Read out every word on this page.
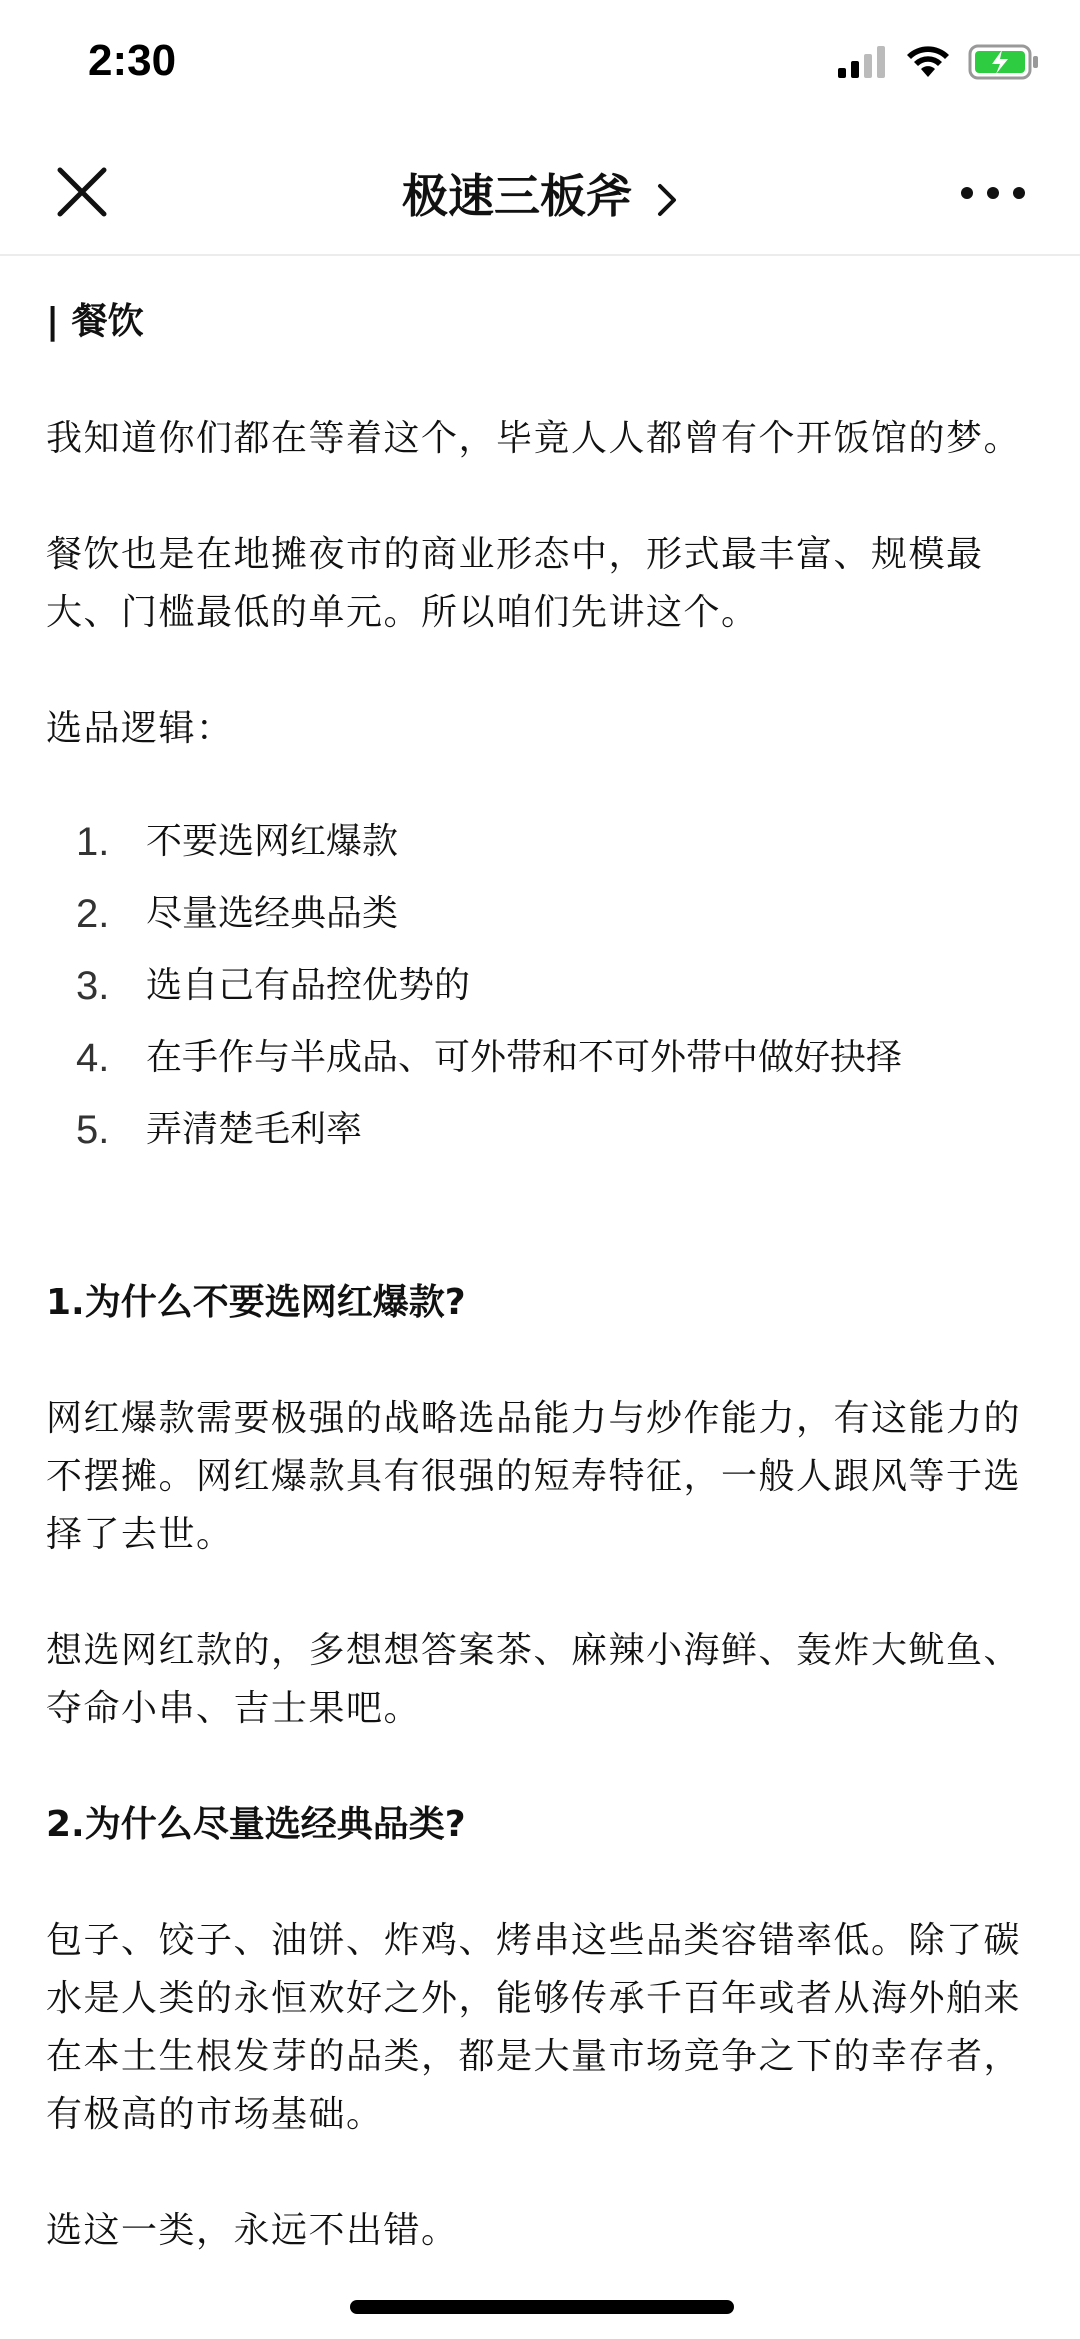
2:30
极速三板斧
| 餐饮

我知道你们都在等着这个，毕竟人人都曾有个开饭馆的梦。

餐饮也是在地摊夜市的商业形态中，形式最丰富、规模最大、门槛最低的单元。所以咱们先讲这个。

选品逻辑：

1.	不要选网红爆款
2.	尽量选经典品类
3.	选自己有品控优势的
4.	在手作与半成品、可外带和不可外带中做好抉择
5.	弄清楚毛利率

1.为什么不要选网红爆款?

网红爆款需要极强的战略选品能力与炒作能力，有这能力的不摆摊。网红爆款具有很强的短寿特征，一般人跟风等于选择了去世。

想选网红款的，多想想答案茶、麻辣小海鲜、轰炸大鱿鱼、夺命小串、吉士果吧。

2.为什么尽量选经典品类?

包子、饺子、油饼、炸鸡、烤串这些品类容错率低。除了碳水是人类的永恒欢好之外，能够传承千百年或者从海外舶来在本土生根发芽的品类，都是大量市场竞争之下的幸存者，有极高的市场基础。

选这一类，永远不出错。
